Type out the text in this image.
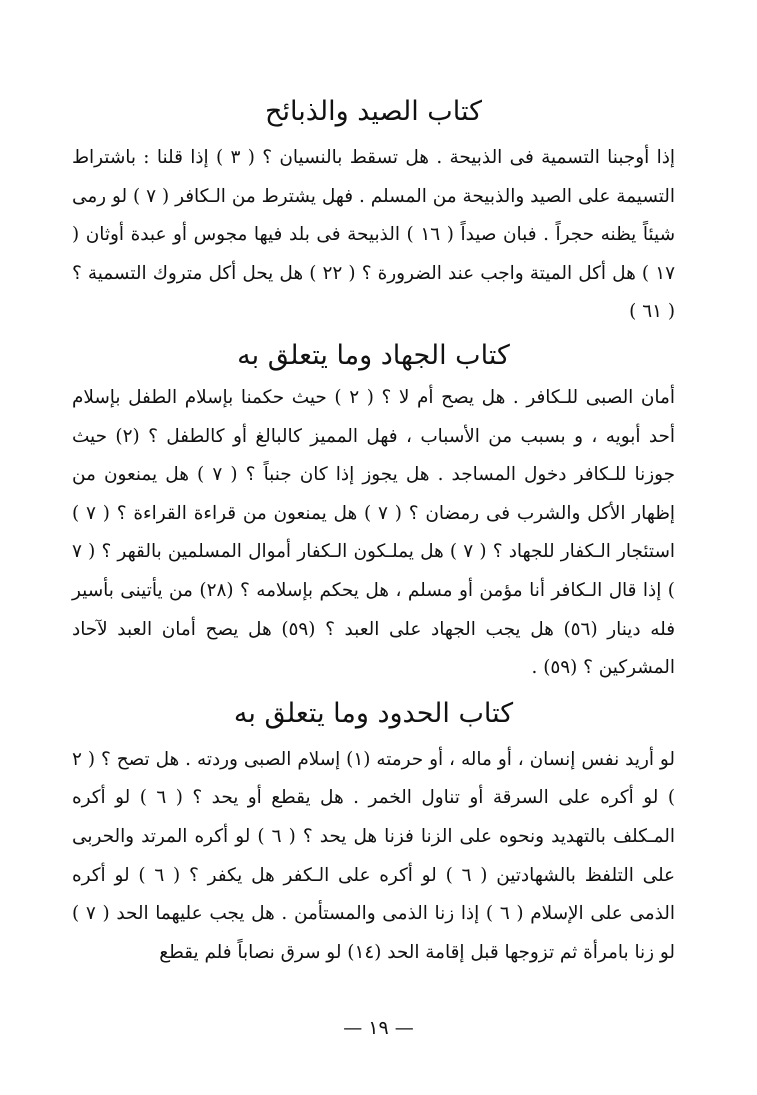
كتاب الصيد والذبائح

إذا أوجبنا التسمية فى الذبيحة . هل تسقط بالنسيان ؟ ( ٣ ) إذا قلنا : باشتراط التسيمة على الصيد والذبيحة من المسلم . فهل يشترط من الـكافر ( ٧ ) لو رمى شيئاً يظنه حجراً . فبان صيداً ( ١٦ ) الذبيحة فى بلد فيها مجوس أو عبدة أوثان ( ١٧ ) هل أكل الميتة واجب عند الضرورة ؟ ( ٢٢ ) هل يحل أكل متروك التسمية ؟ ( ٦١ )

كتاب الجهاد وما يتعلق به

أمان الصبى للـكافر . هل يصح أم لا ؟ ( ٢ ) حيث حكمنا بإسلام الطفل بإسلام أحد أبويه ، و بسبب من الأسباب ، فهل المميز كالبالغ أو كالطفل ؟ (٢) حيث جوزنا للـكافر دخول المساجد . هل يجوز إذا كان جنباً ؟ ( ٧ ) هل يمنعون من إظهار الأكل والشرب فى رمضان ؟ ( ٧ ) هل يمنعون من قراءة القراءة ؟ ( ٧ ) استئجار الـكفار للجهاد ؟ ( ٧ ) هل يملـكون الـكفار أموال المسلمين بالقهر ؟ ( ٧ ) إذا قال الـكافر أنا مؤمن أو مسلم ، هل يحكم بإسلامه ؟ (٢٨) من يأتينى بأسير فله دينار (٥٦) هل يجب الجهاد على العبد ؟ (٥٩) هل يصح أمان العبد لآحاد المشركين ؟ (٥٩) .

كتاب الحدود وما يتعلق به

لو أريد نفس إنسان ، أو ماله ، أو حرمته (١) إسلام الصبى وردته . هل تصح ؟ ( ٢ ) لو أكره على السرقة أو تناول الخمر . هل يقطع أو يحد ؟ ( ٦ ) لو أكره المـكلف بالتهديد ونحوه على الزنا فزنا هل يحد ؟ ( ٦ ) لو أكره المرتد والحربى على التلفظ بالشهادتين ( ٦ ) لو أكره على الـكفر هل يكفر ؟ ( ٦ ) لو أكره الذمى على الإسلام ( ٦ ) إذا زنا الذمى والمستأمن . هل يجب عليهما الحد ( ٧ ) لو زنا بامرأة ثم تزوجها قبل إقامة الحد (١٤) لو سرق نصاباً فلم يقطع

— ١٩ —
